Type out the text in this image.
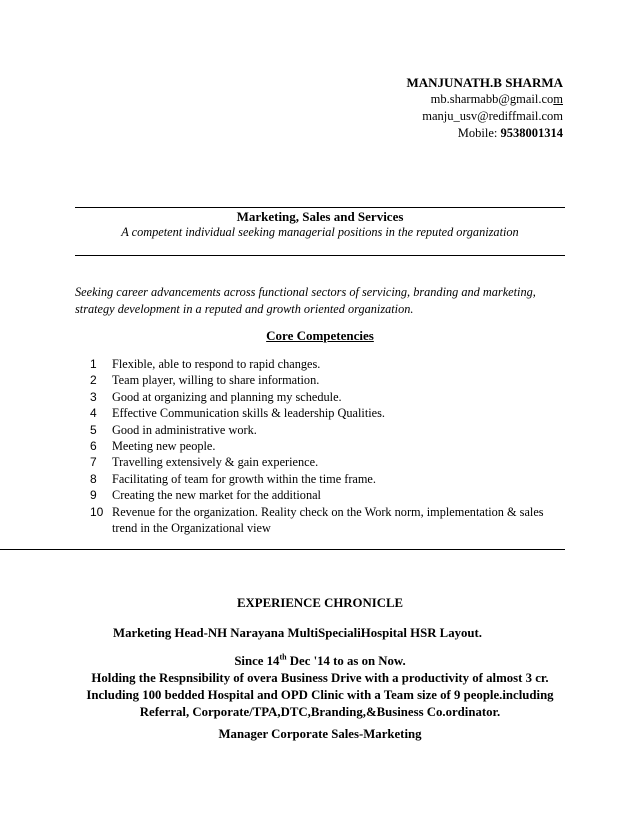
MANJUNATH.B SHARMA
mb.sharmabb@gmail.com
manju_usv@rediffmail.com
Mobile: 9538001314
Marketing, Sales and Services
A competent individual seeking managerial positions in the reputed organization
Seeking career advancements across functional sectors of servicing, branding and marketing, strategy development in a reputed and growth oriented organization.
Core Competencies
1	Flexible, able to respond to rapid changes.
2	Team player, willing to share information.
3	Good at organizing and planning my schedule.
4	Effective Communication skills & leadership Qualities.
5	Good in administrative work.
6	Meeting new people.
7	Travelling extensively & gain experience.
8	Facilitating of team for growth within the time frame.
9	Creating the new market for the additional
10 Revenue for the organization. Reality check on the Work norm, implementation & sales trend in the Organizational view
EXPERIENCE CHRONICLE
Marketing Head-NH Narayana MultiSpecialiHospital HSR Layout.
Since 14th Dec '14 to as on Now.
Holding the Respnsibility of overa Business Drive with a productivity of almost 3 cr.
Including 100 bedded Hospital and OPD Clinic with a Team size of 9 people.including
Referral, Corporate/TPA,DTC,Branding,&Business Co.ordinator.
Manager Corporate Sales-Marketing
